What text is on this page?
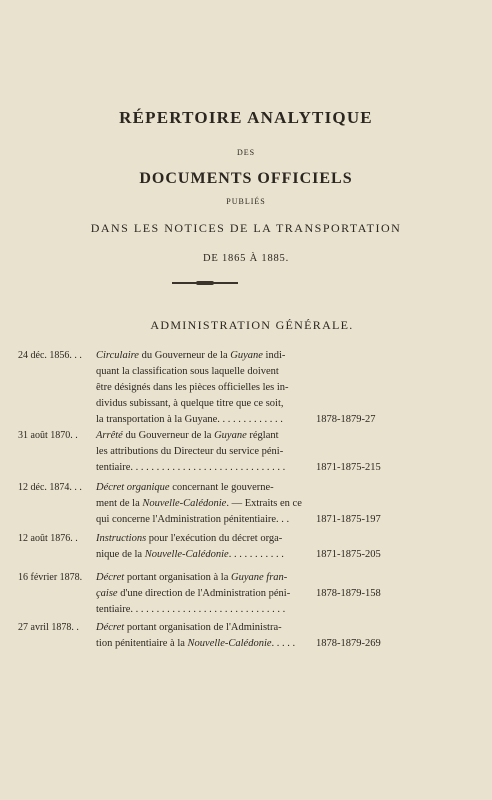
RÉPERTOIRE ANALYTIQUE
DES
DOCUMENTS OFFICIELS
PUBLIÉS
DANS LES NOTICES DE LA TRANSPORTATION
DE 1865 À 1885.
ADMINISTRATION GÉNÉRALE.
24 déc. 1856. . . Circulaire du Gouverneur de la Guyane indi-
quant la classification sous laquelle doivent
être désignés dans les pièces officielles les in-
dividus subissant, à quelque titre que ce soit,
la transportation à la Guyane. . . . . . . . . . . . .	1878-1879-27
31 août 1870. . Arrêté du Gouverneur de la Guyane réglant
les attributions du Directeur du service péni-
tentiaire. . . . . . . . . . . . . . . . . . . . . . . . . . . . . .	1871-1875-215
12 déc. 1874. . . Décret organique concernant le gouverne-
ment de la Nouvelle-Calédonie. — Extraits en ce
qui concerne l'Administration pénitentiaire. . .	1871-1875-197
12 août 1876. . Instructions pour l'exécution du décret orga-
nique de la Nouvelle-Calédonie. . . . . . . . . . .	1871-1875-205
16 février 1878. Décret portant organisation à la Guyane fran-
çaise d'une direction de l'Administration péni-
tentiaire. . . . . . . . . . . . . . . . . . . . . . . . . . . . . .
1878-1879-158
27 avril 1878. . Décret portant organisation de l'Administra-
tion pénitentiaire à la Nouvelle-Calédonie. . . . .	1878-1879-269
